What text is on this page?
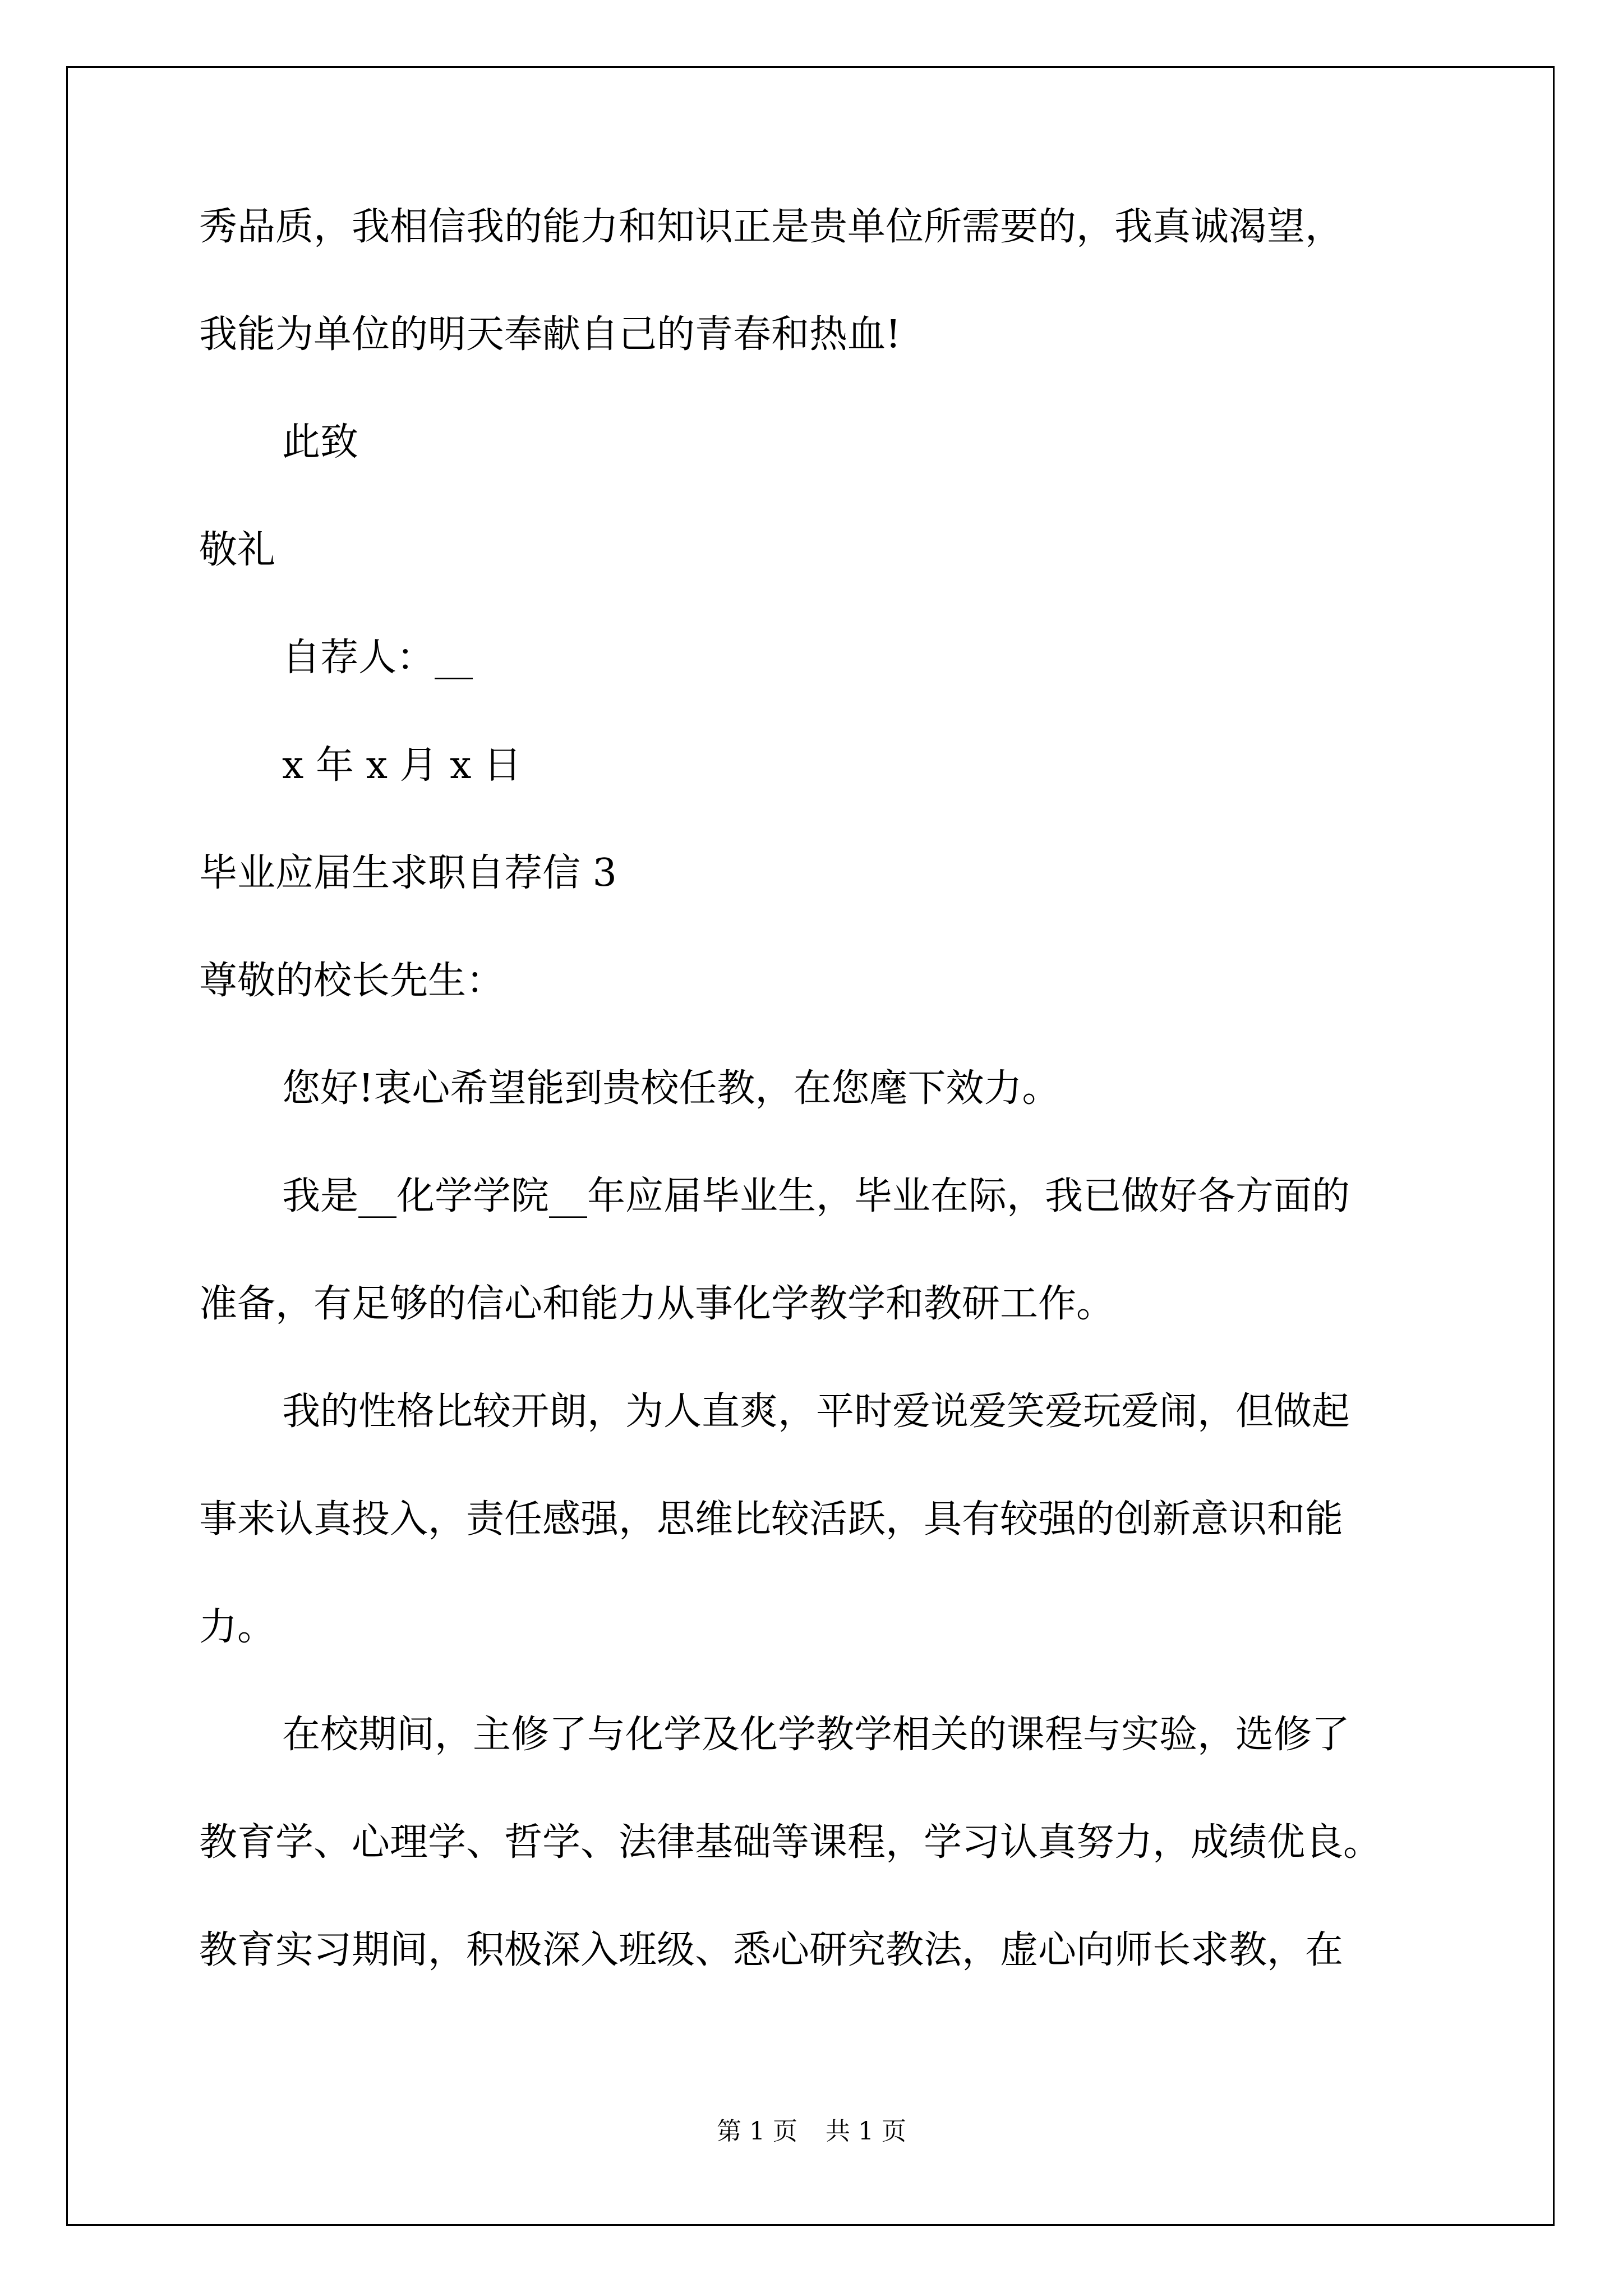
秀品质，我相信我的能力和知识正是贵单位所需要的，我真诚渴望，
我能为单位的明天奉献自己的青春和热血!
此致
敬礼
自荐人：__
x 年 x 月 x 日
毕业应届生求职自荐信 3
尊敬的校长先生：
您好!衷心希望能到贵校任教，在您麾下效力。
我是__化学学院__年应届毕业生，毕业在际，我已做好各方面的
准备，有足够的信心和能力从事化学教学和教研工作。
我的性格比较开朗，为人直爽，平时爱说爱笑爱玩爱闹，但做起
事来认真投入，责任感强，思维比较活跃，具有较强的创新意识和能
力。
在校期间，主修了与化学及化学教学相关的课程与实验，选修了
教育学、心理学、哲学、法律基础等课程，学习认真努力，成绩优良。
教育实习期间，积极深入班级、悉心研究教法，虚心向师长求教，在
第 1 页 共 1 页
